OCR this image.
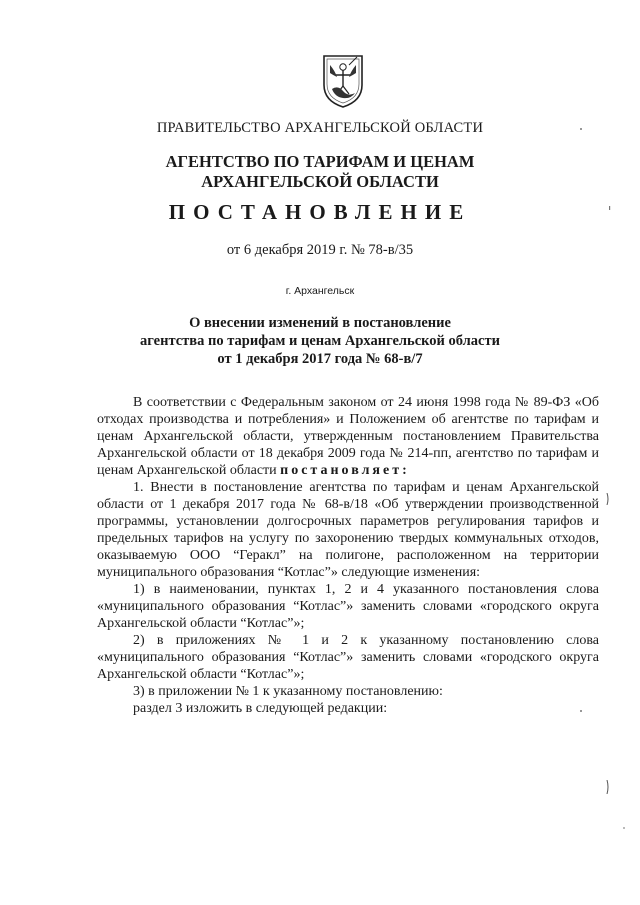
ПРАВИТЕЛЬСТВО АРХАНГЕЛЬСКОЙ ОБЛАСТИ
АГЕНТСТВО ПО ТАРИФАМ И ЦЕНАМ
АРХАНГЕЛЬСКОЙ ОБЛАСТИ
ПОСТАНОВЛЕНИЕ
от 6 декабря 2019 г. № 78-в/35
г. Архангельск
О внесении изменений в постановление
агентства по тарифам и ценам Архангельской области
от 1 декабря 2017 года № 68-в/7

В соответствии с Федеральным законом от 24 июня 1998 года № 89-ФЗ «Об отходах производства и потребления» и Положением об агентстве по тарифам и ценам Архангельской области, утвержденным постановлением Правительства Архангельской области от 18 декабря 2009 года № 214-пп, агентство по тарифам и ценам Архангельской области постановляет:

1. Внести в постановление агентства по тарифам и ценам Архангельской области от 1 декабря 2017 года № 68-в/18 «Об утверждении производственной программы, установлении долгосрочных параметров регулирования тарифов и предельных тарифов на услугу по захоронению твердых коммунальных отходов, оказываемую ООО “Геракл” на полигоне, расположенном на территории муниципального образования “Котлас”» следующие изменения:

1) в наименовании, пунктах 1, 2 и 4 указанного постановления слова «муниципального образования “Котлас”» заменить словами «городского округа Архангельской области “Котлас”»;

2) в приложениях № 1 и 2 к указанному постановлению слова «муниципального образования “Котлас”» заменить словами «городского округа Архангельской области “Котлас”»;

3) в приложении № 1 к указанному постановлению:

раздел 3 изложить в следующей редакции:
